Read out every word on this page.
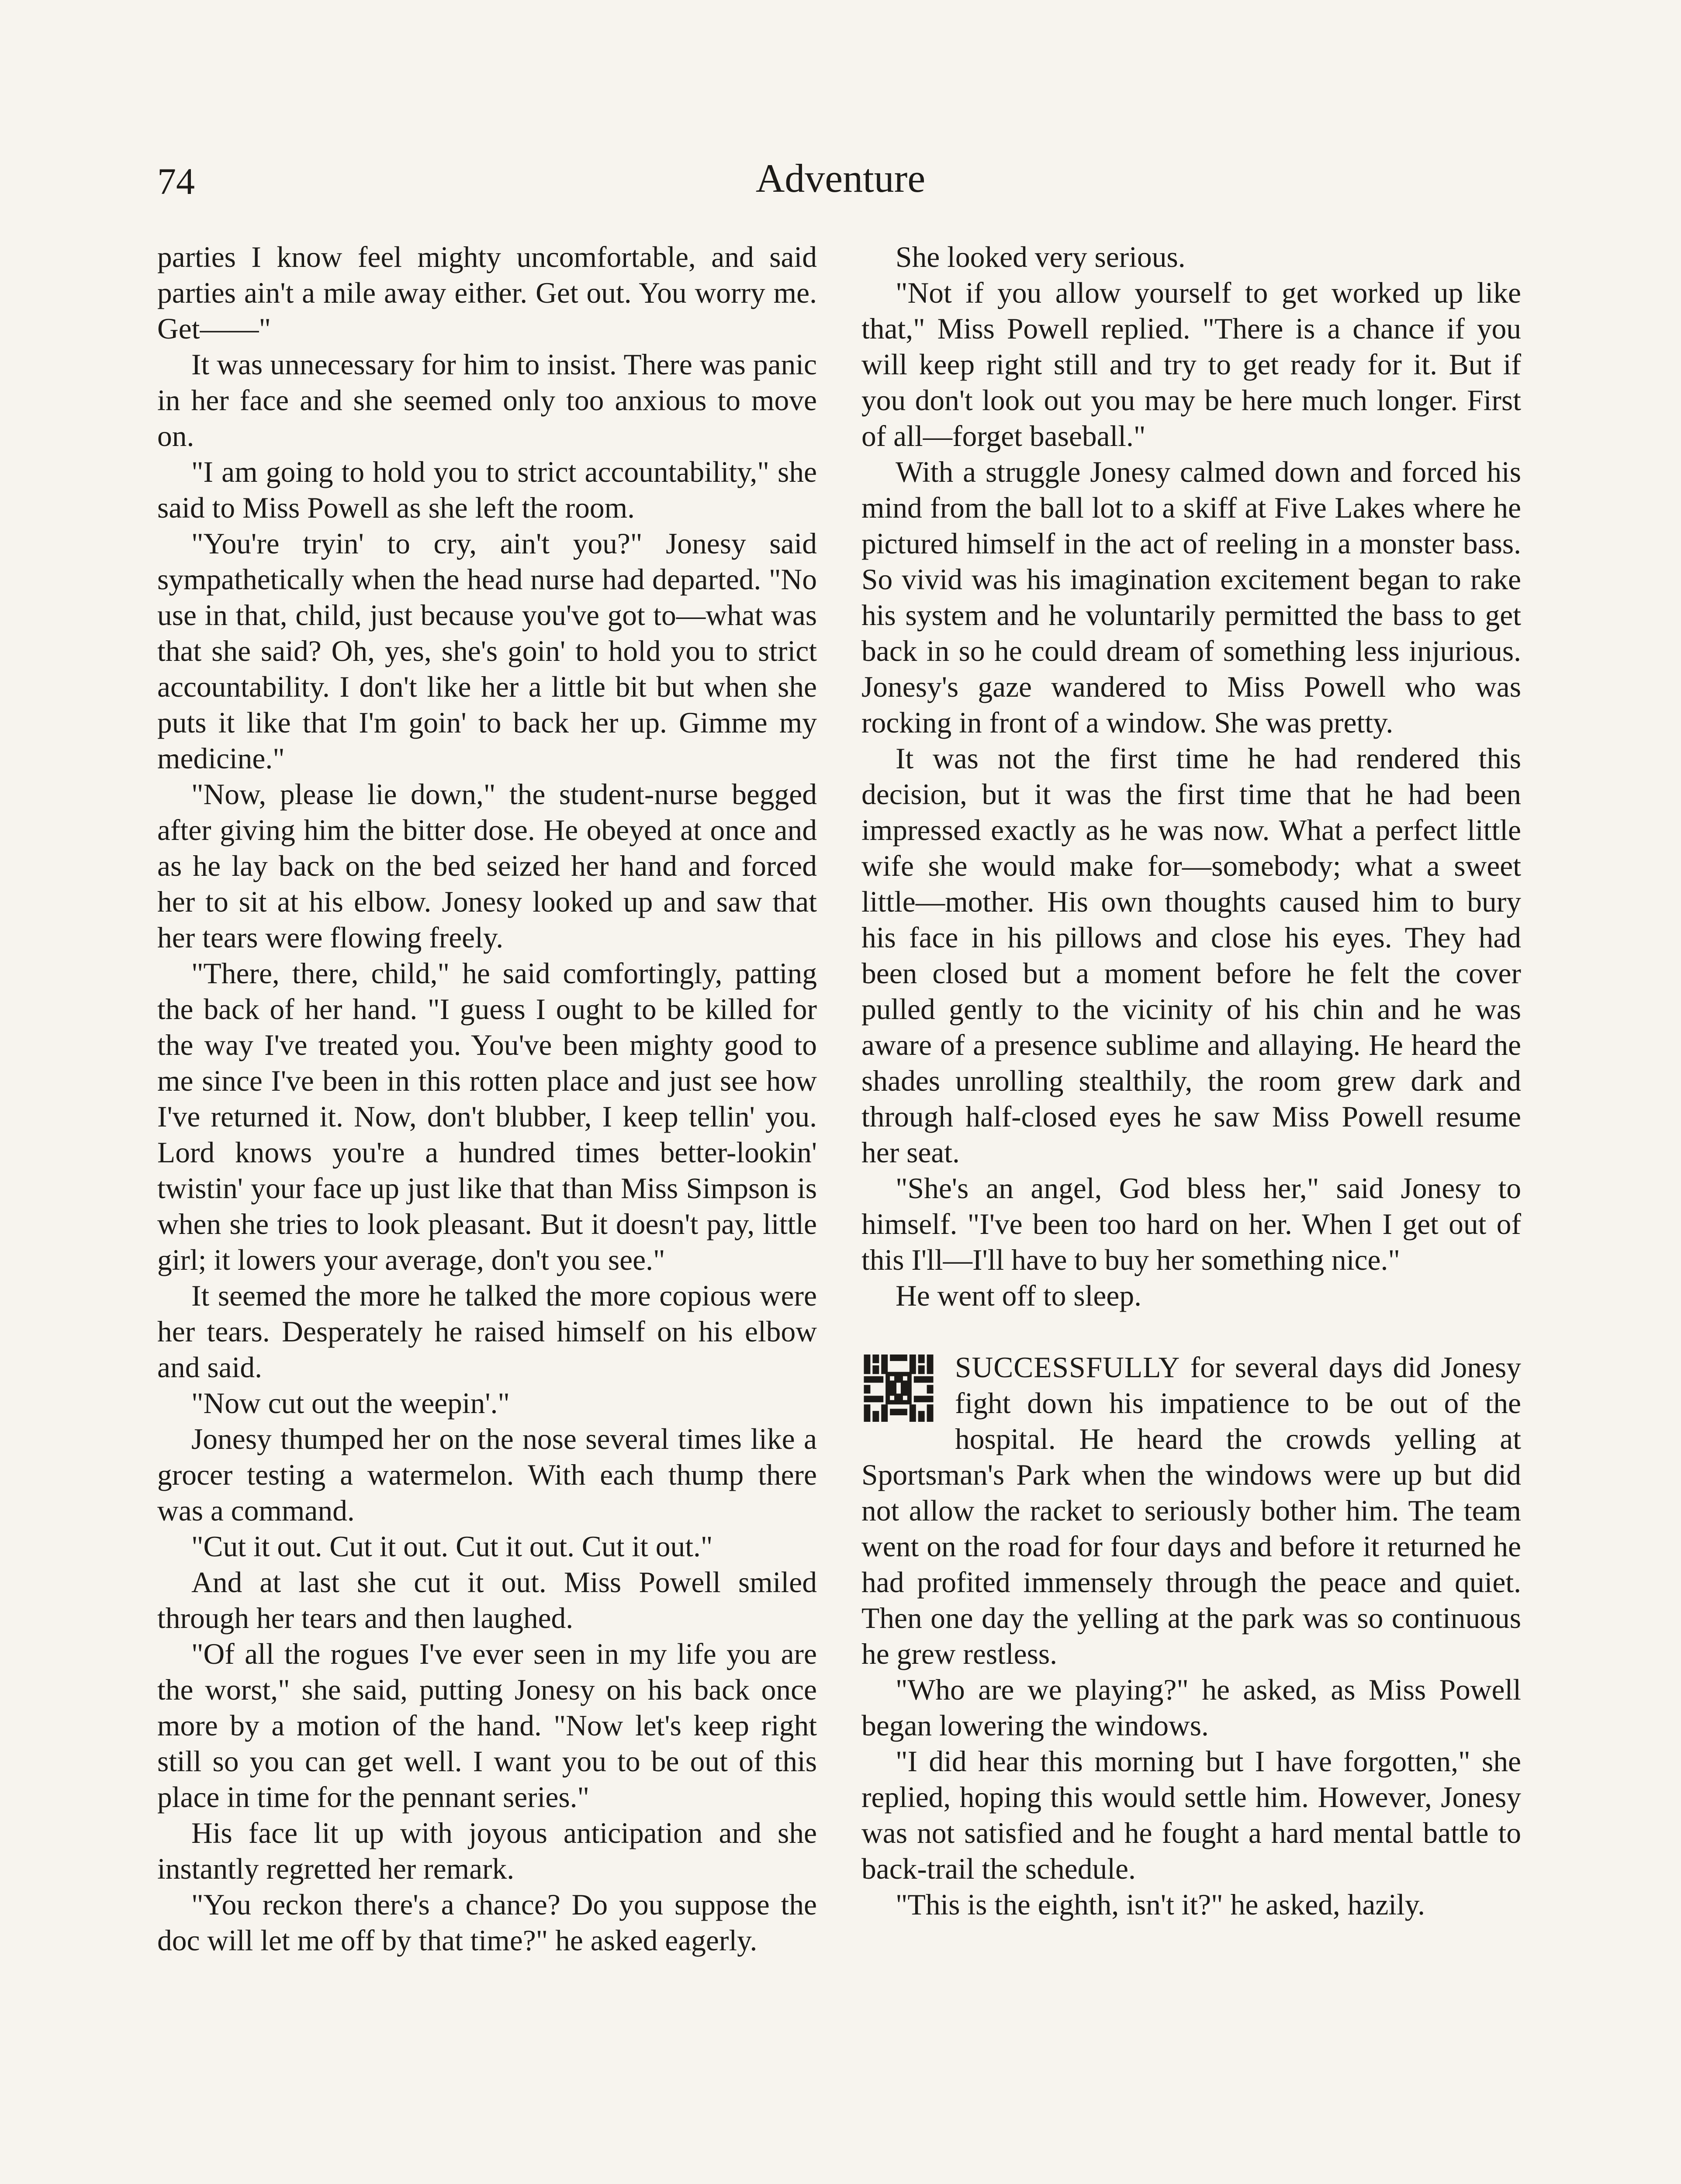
74	Adventure

parties I know feel mighty uncomfortable, and said parties ain't a mile away either. Get out. You worry me. Get——"

It was unnecessary for him to insist. There was panic in her face and she seemed only too anxious to move on.

"I am going to hold you to strict accountability," she said to Miss Powell as she left the room.

"You're tryin' to cry, ain't you?" Jonesy said sympathetically when the head nurse had departed. "No use in that, child, just because you've got to—what was that she said? Oh, yes, she's goin' to hold you to strict accountability. I don't like her a little bit but when she puts it like that I'm goin' to back her up. Gimme my medicine."

"Now, please lie down," the student-nurse begged after giving him the bitter dose. He obeyed at once and as he lay back on the bed seized her hand and forced her to sit at his elbow. Jonesy looked up and saw that her tears were flowing freely.

"There, there, child," he said comfortingly, patting the back of her hand. "I guess I ought to be killed for the way I've treated you. You've been mighty good to me since I've been in this rotten place and just see how I've returned it. Now, don't blubber, I keep tellin' you. Lord knows you're a hundred times better-lookin' twistin' your face up just like that than Miss Simpson is when she tries to look pleasant. But it doesn't pay, little girl; it lowers your average, don't you see."

It seemed the more he talked the more copious were her tears. Desperately he raised himself on his elbow and said.

"Now cut out the weepin'."

Jonesy thumped her on the nose several times like a grocer testing a watermelon. With each thump there was a command.

"Cut it out. Cut it out. Cut it out. Cut it out."

And at last she cut it out. Miss Powell smiled through her tears and then laughed.

"Of all the rogues I've ever seen in my life you are the worst," she said, putting Jonesy on his back once more by a motion of the hand. "Now let's keep right still so you can get well. I want you to be out of this place in time for the pennant series."

His face lit up with joyous anticipation and she instantly regretted her remark.

"You reckon there's a chance? Do you suppose the doc will let me off by that time?" he asked eagerly.

She looked very serious.

"Not if you allow yourself to get worked up like that," Miss Powell replied. "There is a chance if you will keep right still and try to get ready for it. But if you don't look out you may be here much longer. First of all—forget baseball."

With a struggle Jonesy calmed down and forced his mind from the ball lot to a skiff at Five Lakes where he pictured himself in the act of reeling in a monster bass. So vivid was his imagination excitement began to rake his system and he voluntarily permitted the bass to get back in so he could dream of something less injurious. Jonesy's gaze wandered to Miss Powell who was rocking in front of a window. She was pretty.

It was not the first time he had rendered this decision, but it was the first time that he had been impressed exactly as he was now. What a perfect little wife she would make for—somebody; what a sweet little—mother. His own thoughts caused him to bury his face in his pillows and close his eyes. They had been closed but a moment before he felt the cover pulled gently to the vicinity of his chin and he was aware of a presence sublime and allaying. He heard the shades unrolling stealthily, the room grew dark and through half-closed eyes he saw Miss Powell resume her seat.

"She's an angel, God bless her," said Jonesy to himself. "I've been too hard on her. When I get out of this I'll—I'll have to buy her something nice."

He went off to sleep.

SUCCESSFULLY for several days did Jonesy fight down his impatience to be out of the hospital. He heard the crowds yelling at Sportsman's Park when the windows were up but did not allow the racket to seriously bother him. The team went on the road for four days and before it returned he had profited immensely through the peace and quiet. Then one day the yelling at the park was so continuous he grew restless.

"Who are we playing?" he asked, as Miss Powell began lowering the windows.

"I did hear this morning but I have forgotten," she replied, hoping this would settle him. However, Jonesy was not satisfied and he fought a hard mental battle to back-trail the schedule.

"This is the eighth, isn't it?" he asked, hazily.
